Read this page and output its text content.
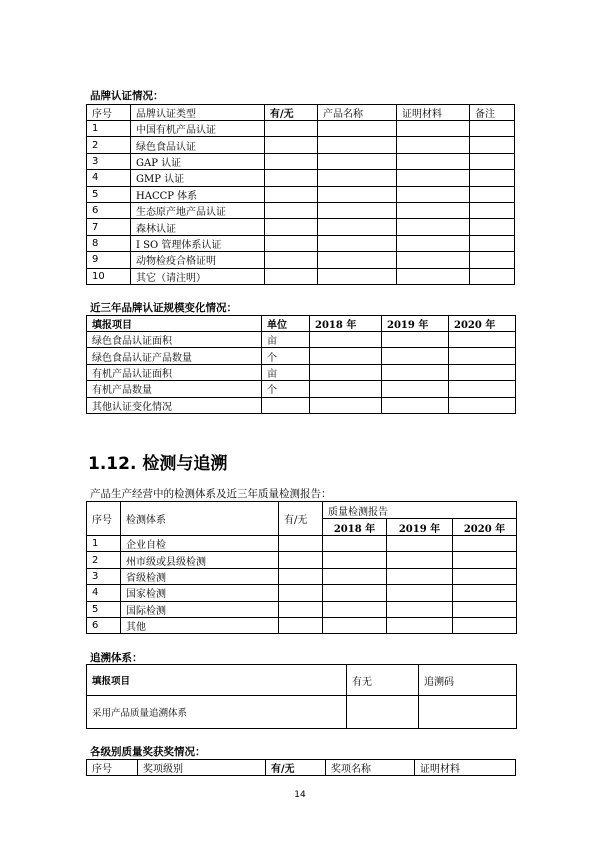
品牌认证情况：
序号	品牌认证类型	有/无	产品名称	证明材料	备注
1	中国有机产品认证				
2	绿色食品认证				
3	GAP 认证				
4	GMP 认证				
5	HACCP 体系				
6	生态原产地产品认证				
7	森林认证				
8	I SO 管理体系认证				
9	动物检疫合格证明				
10	其它（请注明）				
近三年品牌认证规模变化情况：
填报项目	单位	2018 年	2019 年	2020 年
绿色食品认证面积	亩			
绿色食品认证产品数量	个			
有机产品认证面积	亩			
有机产品数量	个			
其他认证变化情况				
1.12. 检测与追溯
产品生产经营中的检测体系及近三年质量检测报告：
序号	检测体系	有/无	质量检测报告		
			2018 年	2019 年	2020 年
1	企业自检				
2	州市级或县级检测				
3	省级检测				
4	国家检测				
5	国际检测				
6	其他				
追溯体系：
填报项目	有无	追溯码
采用产品质量追溯体系		
各级别质量奖获奖情况：
序号	奖项级别	有/无	奖项名称	证明材料
14
